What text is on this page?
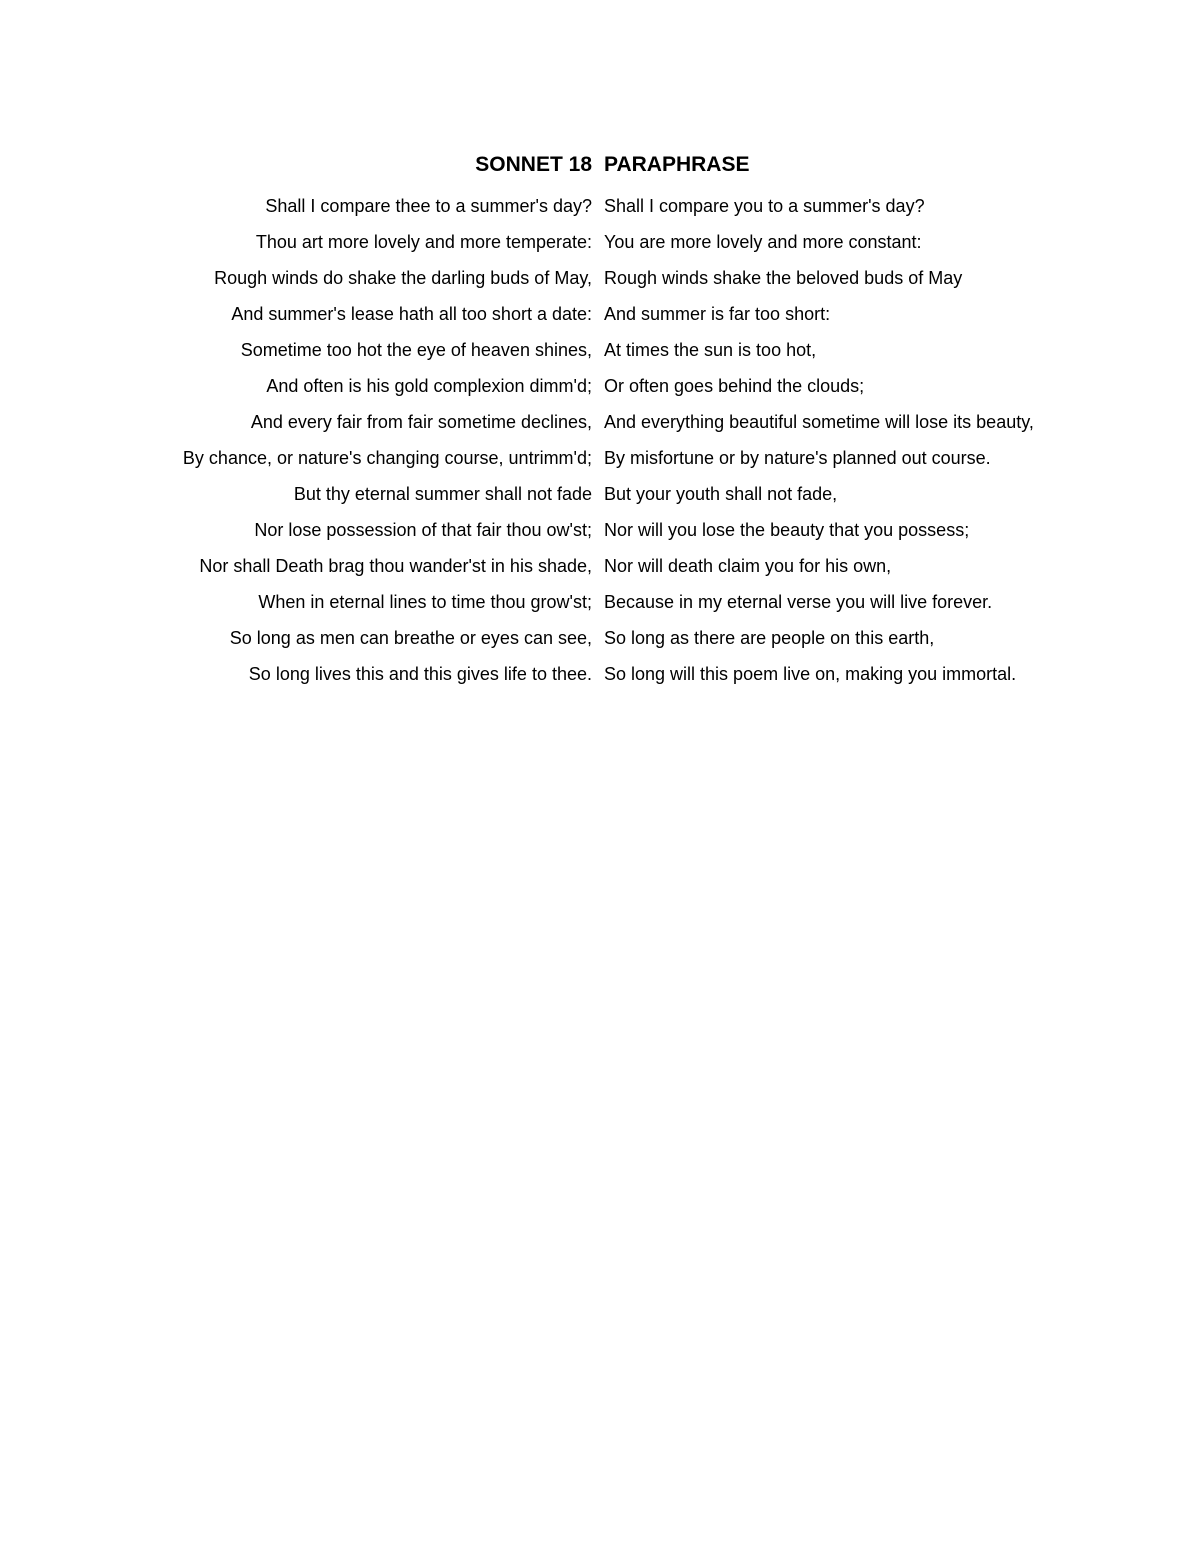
SONNET 18	PARAPHRASE
Shall I compare thee to a summer's day?	Shall I compare you to a summer's day?
Thou art more lovely and more temperate:	You are more lovely and more constant:
Rough winds do shake the darling buds of May,	Rough winds shake the beloved buds of May
And summer's lease hath all too short a date:	And summer is far too short:
Sometime too hot the eye of heaven shines,	At times the sun is too hot,
And often is his gold complexion dimm'd;	Or often goes behind the clouds;
And every fair from fair sometime declines,	And everything beautiful sometime will lose its beauty,
By chance, or nature's changing course, untrimm'd;	By misfortune or by nature's planned out course.
But thy eternal summer shall not fade	But your youth shall not fade,
Nor lose possession of that fair thou ow'st;	Nor will you lose the beauty that you possess;
Nor shall Death brag thou wander'st in his shade,	Nor will death claim you for his own,
When in eternal lines to time thou grow'st;	Because in my eternal verse you will live forever.
So long as men can breathe or eyes can see,	So long as there are people on this earth,
So long lives this and this gives life to thee.	So long will this poem live on, making you immortal.
